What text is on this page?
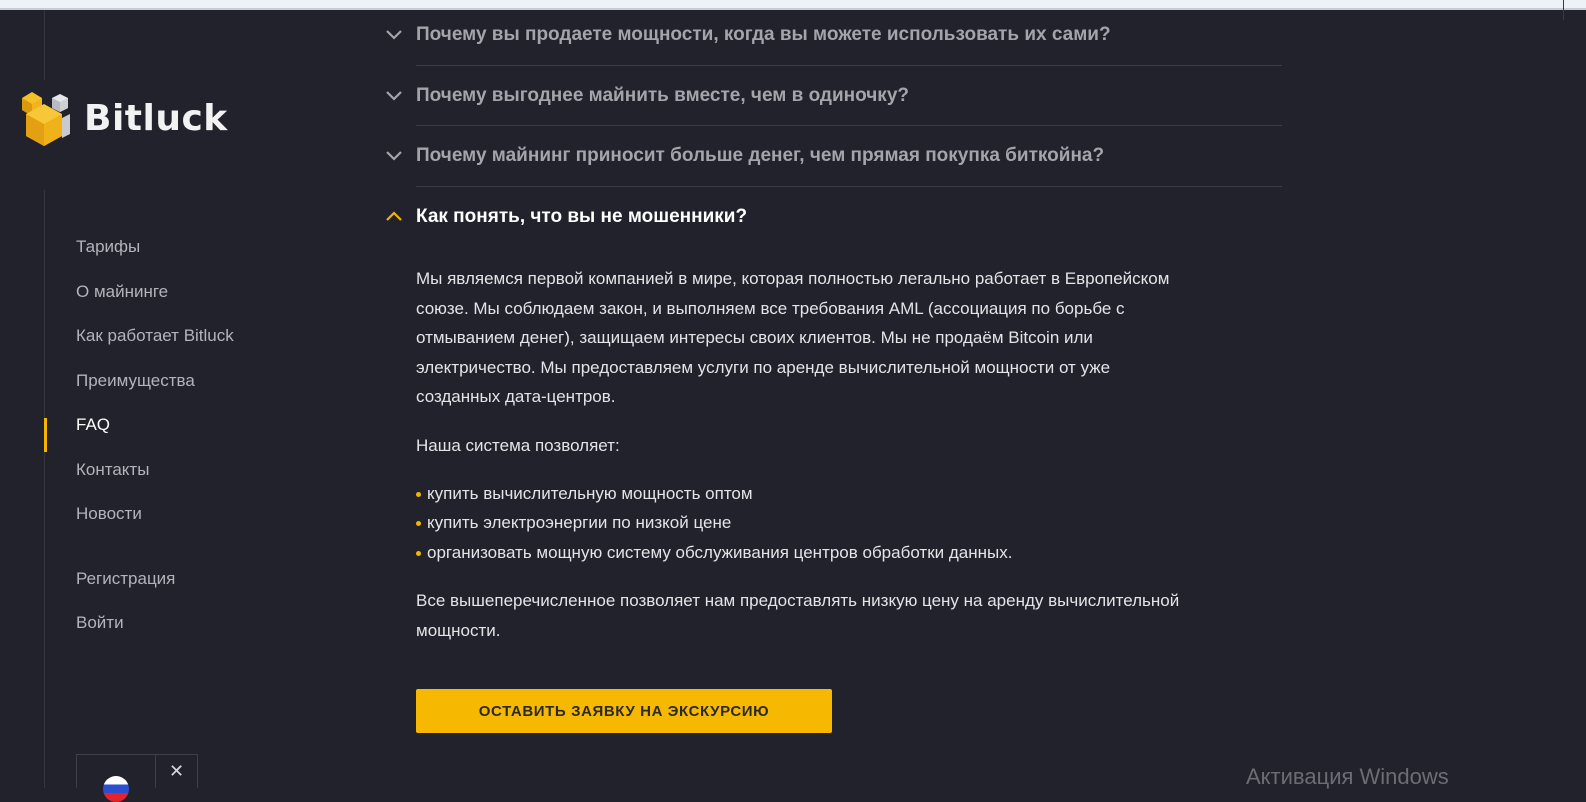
Bitluck
Тарифы
О майнинге
Как работает Bitluck
Преимущества
FAQ
Контакты
Новости
Регистрация
Войти
✕
Почему вы продаете мощности, когда вы можете использовать их сами?
Почему выгоднее майнить вместе, чем в одиночку?
Почему майнинг приносит больше денег, чем прямая покупка биткойна?
Как понять, что вы не мошенники?

Мы являемся первой компанией в мире, которая полностью легально работает в Европейском
союзе. Мы соблюдаем закон, и выполняем все требования AML (ассоциация по борьбе с
отмыванием денег), защищаем интересы своих клиентов. Мы не продаём Bitcoin или
электричество. Мы предоставляем услуги по аренде вычислительной мощности от уже
созданных дата-центров.

Наша система позволяет:

купить вычислительную мощность оптом
купить электроэнергии по низкой цене
организовать мощную систему обслуживания центров обработки данных.

Все вышеперечисленное позволяет нам предоставлять низкую цену на аренду вычислительной
мощности.

ОСТАВИТЬ ЗАЯВКУ НА ЭКСКУРСИЮ
Активация Windows
